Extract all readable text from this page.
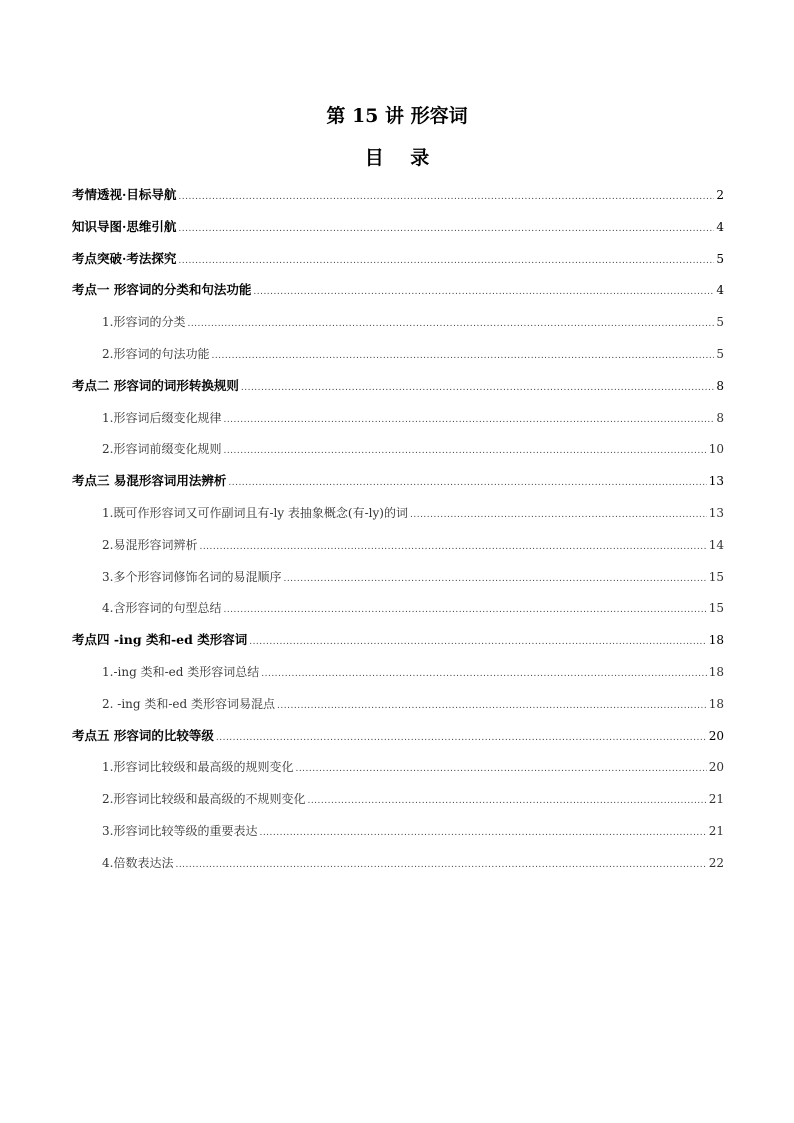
第 15 讲 形容词
目 录
考情透视·目标导航 .....	2
知识导图·思维引航 .....	4
考点突破·考法探究 .....	5
考点一 形容词的分类和句法功能 .....	4
1.形容词的分类 .....	5
2.形容词的句法功能 .....	5
考点二 形容词的词形转换规则 .....	8
1.形容词后缀变化规律 .....	8
2.形容词前缀变化规则 .....	10
考点三 易混形容词用法辨析 .....	13
1.既可作形容词又可作副词且有-ly 表抽象概念(有-ly)的词 .....	13
2.易混形容词辨析 .....	14
3.多个形容词修饰名词的易混顺序 .....	15
4.含形容词的句型总结 .....	15
考点四 -ing 类和-ed 类形容词 .....	18
1.-ing 类和-ed 类形容词总结 .....	18
2. -ing 类和-ed 类形容词易混点 .....	18
考点五 形容词的比较等级 .....	20
1.形容词比较级和最高级的规则变化 .....	20
2.形容词比较级和最高级的不规则变化 .....	21
3.形容词比较等级的重要表达 .....	21
4.倍数表达法 .....	22
